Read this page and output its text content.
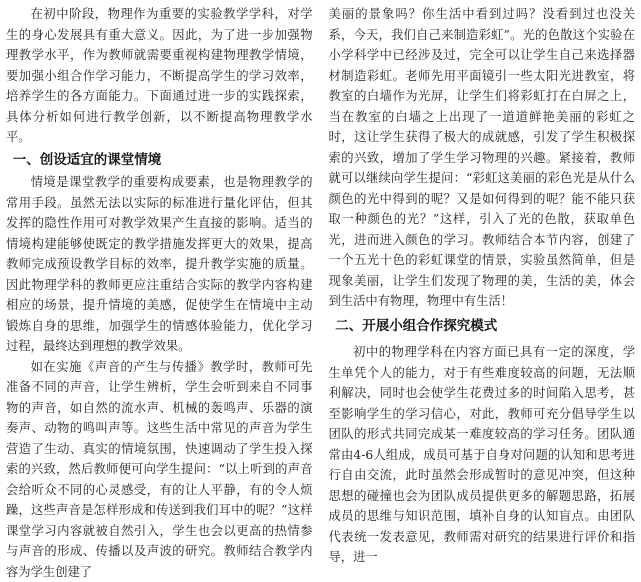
在初中阶段，物理作为重要的实验教学学科，对学生的身心发展具有重大意义。因此，为了进一步加强物理教学水平，作为教师就需要重视构建物理教学情境，要加强小组合作学习能力，不断提高学生的学习效率，培养学生的各方面能力。下面通过进一步的实践探索，具体分析如何进行教学创新，以不断提高物理教学水平。

一、创设适宜的课堂情境

情境是课堂教学的重要构成要素，也是物理教学的常用手段。虽然无法以实际的标准进行量化评估，但其发挥的隐性作用可对教学效果产生直接的影响。适当的情境构建能够使既定的教学措施发挥更大的效果，提高教师完成预设教学目标的效率，提升教学实施的质量。因此物理学科的教师更应注重结合实际的教学内容构建相应的场景，提升情境的美感，促使学生在情境中主动锻炼自身的思维，加强学生的情感体验能力，优化学习过程，最终达到理想的教学效果。

如在实施《声音的产生与传播》教学时，教师可先准备不同的声音，让学生辨析，学生会听到来自不同事物的声音，如自然的流水声、机械的轰鸣声、乐器的演奏声、动物的鸣叫声等。这些生活中常见的声音为学生营造了生动、真实的情境氛围，快速调动了学生投入探索的兴致，然后教师便可向学生提问：“以上听到的声音会给听众不同的心灵感受，有的让人平静，有的令人烦躁，这些声音是怎样形成和传送到我们耳中的呢？”这样课堂学习内容就被自然引入，学生也会以更高的热情参与声音的形成、传播以及声波的研究。教师结合教学内容为学生创建了

美丽的景象吗？你生活中看到过吗？没看到过也没关系，今天，我们自己来制造彩虹”。光的色散这个实验在小学科学中已经涉及过，完全可以让学生自己来选择器材制造彩虹。老师先用平面镜引一些太阳光进教室，将教室的白墙作为光屏，让学生们将彩虹打在白屏之上，当在教室的白墙之上出现了一道道鲜艳美丽的彩虹之时，这让学生获得了极大的成就感，引发了学生积极探索的兴致，增加了学生学习物理的兴趣。紧接着，教师就可以继续向学生提问：“彩虹这美丽的彩色光是从什么颜色的光中得到的呢？又是如何得到的呢？能不能只获取一种颜色的光？”这样，引入了光的色散，获取单色光，进而进入颜色的学习。教师结合本节内容，创建了一个五光十色的彩虹课堂的情景，实验虽然简单，但是现象美丽，让学生们发现了物理的美，生活的美，体会到生活中有物理，物理中有生活！

二、开展小组合作探究模式

初中的物理学科在内容方面已具有一定的深度，学生单凭个人的能力，对于有些难度较高的问题，无法顺利解决，同时也会使学生花费过多的时间陷入思考，甚至影响学生的学习信心，对此，教师可充分倡导学生以团队的形式共同完成某一难度较高的学习任务。团队通常由4-6人组成，成员可基于自身对问题的认知和思考进行自由交流，此时虽然会形成暂时的意见冲突，但这种思想的碰撞也会为团队成员提供更多的解题思路，拓展成员的思维与知识范围，填补自身的认知盲点。由团队代表统一发表意见，教师需对研究的结果进行评价和指导，进一
